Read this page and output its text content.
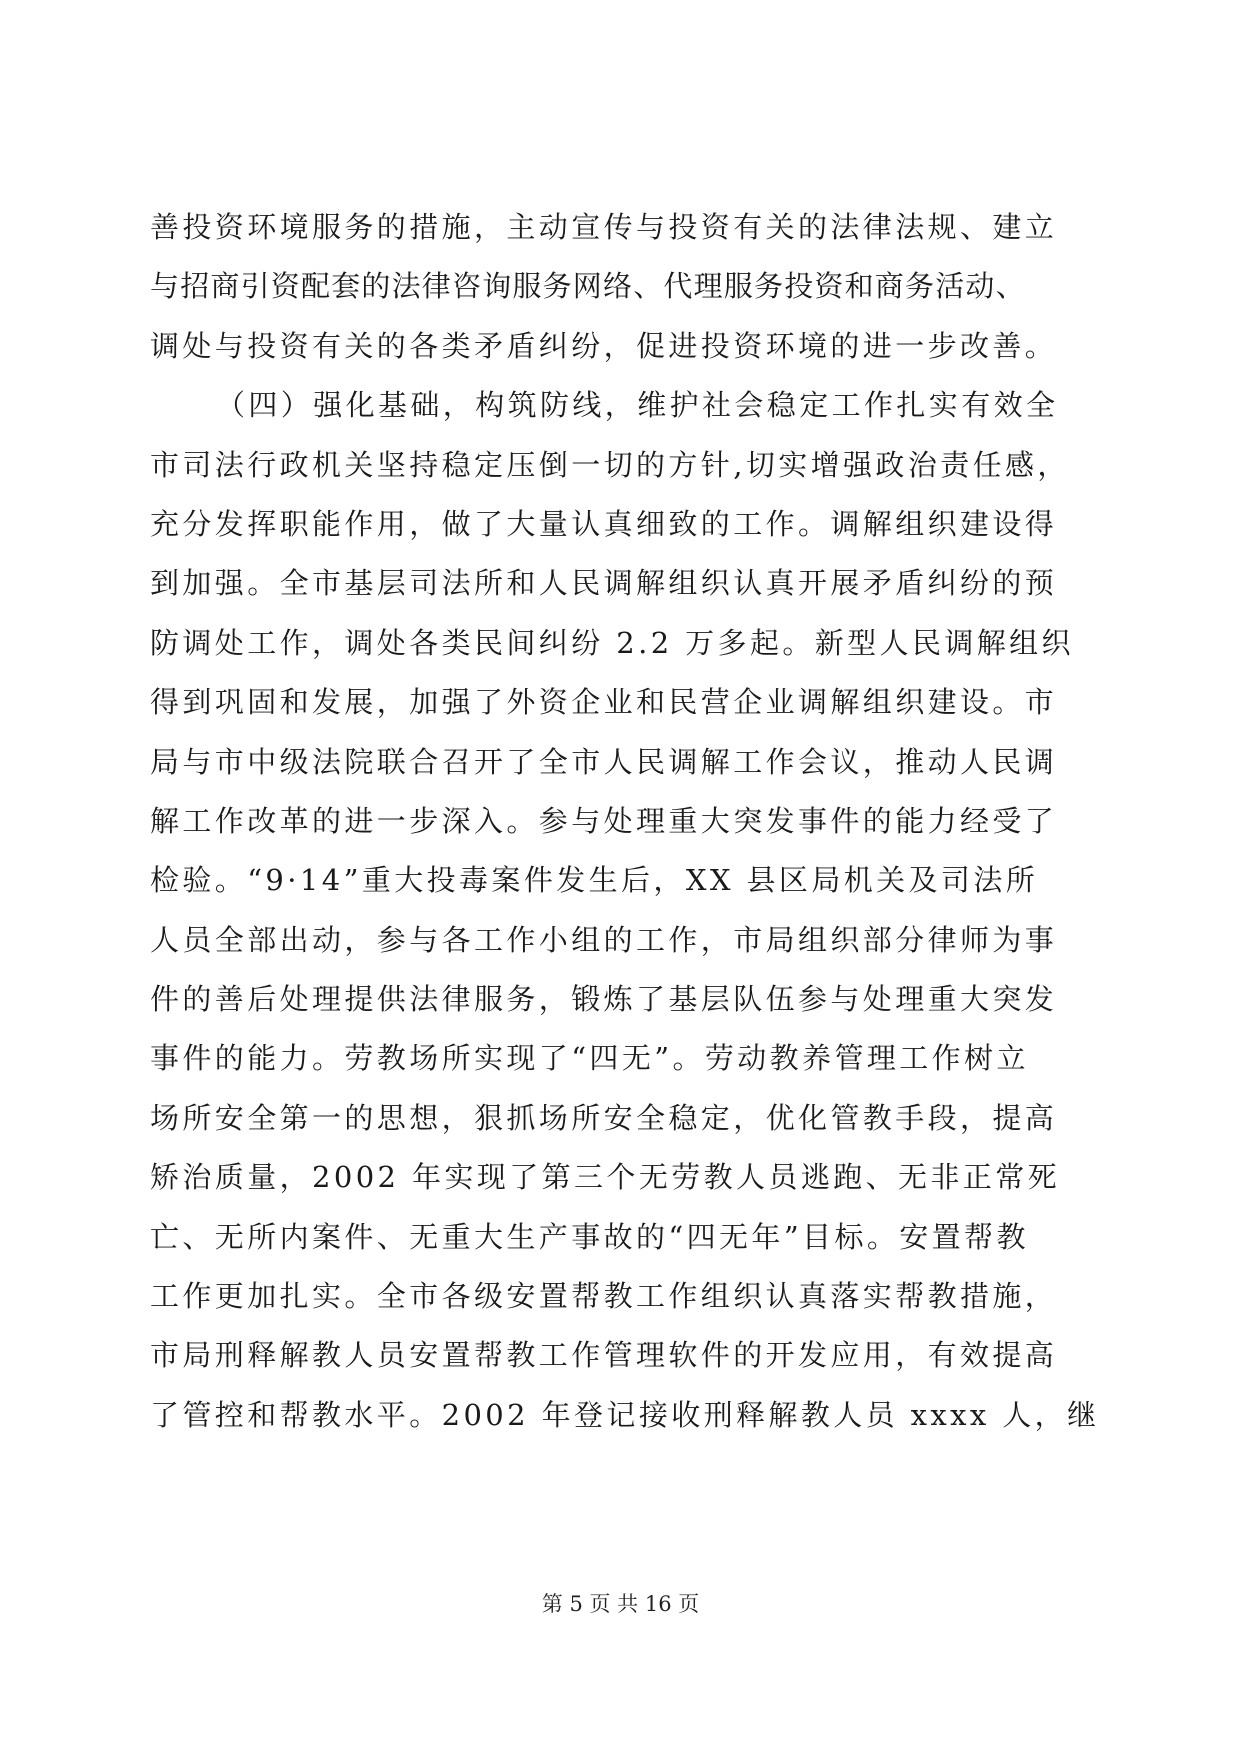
善投资环境服务的措施，主动宣传与投资有关的法律法规、建立
与招商引资配套的法律咨询服务网络、代理服务投资和商务活动、
调处与投资有关的各类矛盾纠纷，促进投资环境的进一步改善。
（四）强化基础，构筑防线，维护社会稳定工作扎实有效全
市司法行政机关坚持稳定压倒一切的方针,切实增强政治责任感，
充分发挥职能作用，做了大量认真细致的工作。调解组织建设得
到加强。全市基层司法所和人民调解组织认真开展矛盾纠纷的预
防调处工作，调处各类民间纠纷 2.2 万多起。新型人民调解组织
得到巩固和发展，加强了外资企业和民营企业调解组织建设。市
局与市中级法院联合召开了全市人民调解工作会议，推动人民调
解工作改革的进一步深入。参与处理重大突发事件的能力经受了
检验。“9·14”重大投毒案件发生后，XX 县区局机关及司法所
人员全部出动，参与各工作小组的工作，市局组织部分律师为事
件的善后处理提供法律服务，锻炼了基层队伍参与处理重大突发
事件的能力。劳教场所实现了“四无”。劳动教养管理工作树立
场所安全第一的思想，狠抓场所安全稳定，优化管教手段，提高
矫治质量，2002 年实现了第三个无劳教人员逃跑、无非正常死
亡、无所内案件、无重大生产事故的“四无年”目标。安置帮教
工作更加扎实。全市各级安置帮教工作组织认真落实帮教措施，
市局刑释解教人员安置帮教工作管理软件的开发应用，有效提高
了管控和帮教水平。2002 年登记接收刑释解教人员 xxxx 人，继
第 5 页 共 16 页
